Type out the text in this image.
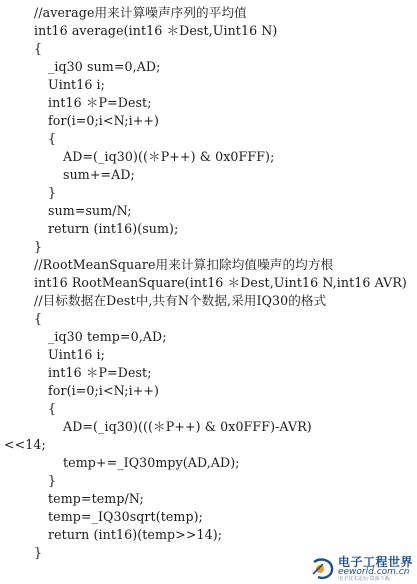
//average用来计算噪声序列的平均值
int16 average(int16 ＊Dest,Uint16 N)
{
_iq30 sum=0,AD;
Uint16 i;
int16 ＊P=Dest;
for(i=0;i<N;i++)
{
AD=(_iq30)((＊P++) & 0x0FFF);
sum+=AD;
}
sum=sum/N;
return (int16)(sum);
}
//RootMeanSquare用来计算扣除均值噪声的均方根
int16 RootMeanSquare(int16 ＊Dest,Uint16 N,int16 AVR)
//目标数据在Dest中,共有N个数据,采用IQ30的格式
{
_iq30 temp=0,AD;
Uint16 i;
int16 ＊P=Dest;
for(i=0;i<N;i++)
{
AD=(_iq30)(((＊P++) & 0x0FFF)-AVR)
<<14;
temp+=_IQ30mpy(AD,AD);
}
temp=temp/N;
temp=_IQ30sqrt(temp);
return (int16)(temp>>14);
}
电子工程世界
eeworld.com.cn
电子技术论坛·资源下载
